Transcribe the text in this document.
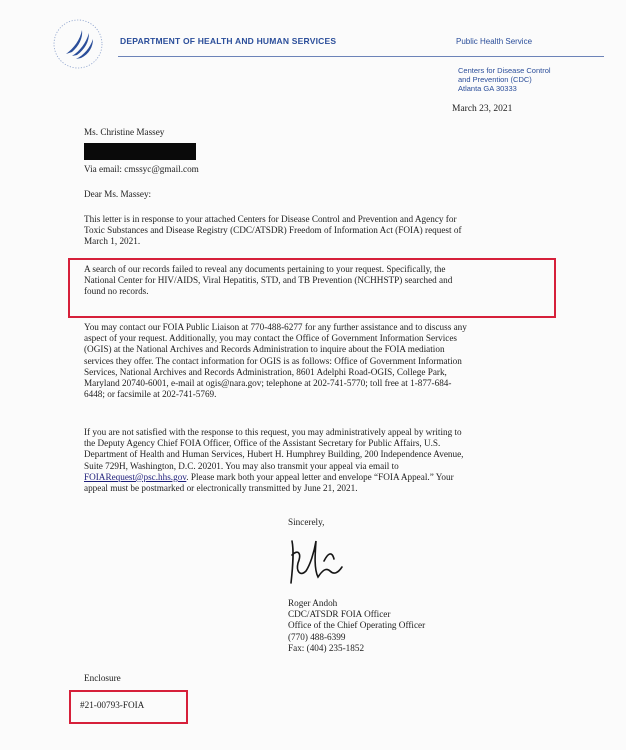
DEPARTMENT OF HEALTH AND HUMAN SERVICES	Public Health Service
Centers for Disease Control
and Prevention (CDC)
Atlanta GA 30333
March 23, 2021
Ms. Christine Massey
Via email: cmssyc@gmail.com
Dear Ms. Massey:
This letter is in response to your attached Centers for Disease Control and Prevention and Agency for
Toxic Substances and Disease Registry (CDC/ATSDR) Freedom of Information Act (FOIA) request of
March 1, 2021.
A search of our records failed to reveal any documents pertaining to your request. Specifically, the
National Center for HIV/AIDS, Viral Hepatitis, STD, and TB Prevention (NCHHSTP) searched and
found no records.
You may contact our FOIA Public Liaison at 770-488-6277 for any further assistance and to discuss any
aspect of your request. Additionally, you may contact the Office of Government Information Services
(OGIS) at the National Archives and Records Administration to inquire about the FOIA mediation
services they offer. The contact information for OGIS is as follows: Office of Government Information
Services, National Archives and Records Administration, 8601 Adelphi Road-OGIS, College Park,
Maryland 20740-6001, e-mail at ogis@nara.gov; telephone at 202-741-5770; toll free at 1-877-684-
6448; or facsimile at 202-741-5769.
If you are not satisfied with the response to this request, you may administratively appeal by writing to
the Deputy Agency Chief FOIA Officer, Office of the Assistant Secretary for Public Affairs, U.S.
Department of Health and Human Services, Hubert H. Humphrey Building, 200 Independence Avenue,
Suite 729H, Washington, D.C. 20201. You may also transmit your appeal via email to
FOIARequest@psc.hhs.gov. Please mark both your appeal letter and envelope “FOIA Appeal.” Your
appeal must be postmarked or electronically transmitted by June 21, 2021.
Sincerely,
Roger Andoh
CDC/ATSDR FOIA Officer
Office of the Chief Operating Officer
(770) 488-6399
Fax: (404) 235-1852
Enclosure
#21-00793-FOIA
